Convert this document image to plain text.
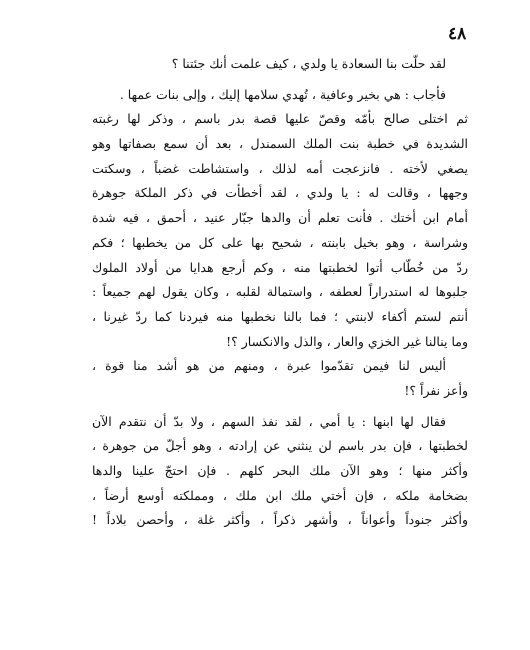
٤٨
لقد حلّت بنا السعادة يا ولدي ، كيف علمت أنك جئتنا ؟
فأجاب : هي بخير وعافية ، تُهدي سلامها إليك ، وإلى بنات عمها .
ثم اختلى صالح بأمّه وقصّ عليها قصة بدر باسم ، وذكر لها رغبته
الشديدة في خطبة بنت الملك السمندل ، بعد أن سمع بصفاتها وهو
يصغي لأخته . فانزعجت أمه لذلك ، واستشاطت غضباً ، وسكتت
وجهها ، وقالت له : يا ولدي ، لقد أخطأت في ذكر الملكة جوهرة
أمام ابن أختك . فأنت تعلم أن والدها جبّار عنيد ، أحمق ، فيه شدة
وشراسة ، وهو بخيل بابنته ، شحيح بها على كل من يخطبها ؛ فكم
ردّ من خُطّاب أتوا لخطبتها منه ، وكم أرجع هدايا من أولاد الملوك
جلبوها له استدراراً لعطفه ، واستمالة لقلبه ، وكان يقول لهم جميعاً :
أنتم لستم أكفاء لابنتي ؛ فما بالنا نخطبها منه فيردنا كما ردّ غيرنا ،
وما ينالنا غير الخزي والعار ، والذل والانكسار ؟!
أليس لنا فيمن تقدّموا عبرة ، ومنهم من هو أشد منا قوة ،
وأعز نفراً ؟!
فقال لها ابنها : يا أمي ، لقد نفذ السهم ، ولا بدّ أن نتقدم الآن
لخطبتها ، فإن بدر باسم لن ينثني عن إرادته ، وهو أجلّ من جوهرة ،
وأكثر منها ؛ وهو الآن ملك البحر كلهم . فإن احتجّ علينا والدها
بضخامة ملكه ، فإن أختي ملك ابن ملك ، ومملكته أوسع أرضاً ،
وأكثر جنوداً وأعواناً ، وأشهر ذكراً ، وأكثر غلة ، وأحصن بلاداً !
